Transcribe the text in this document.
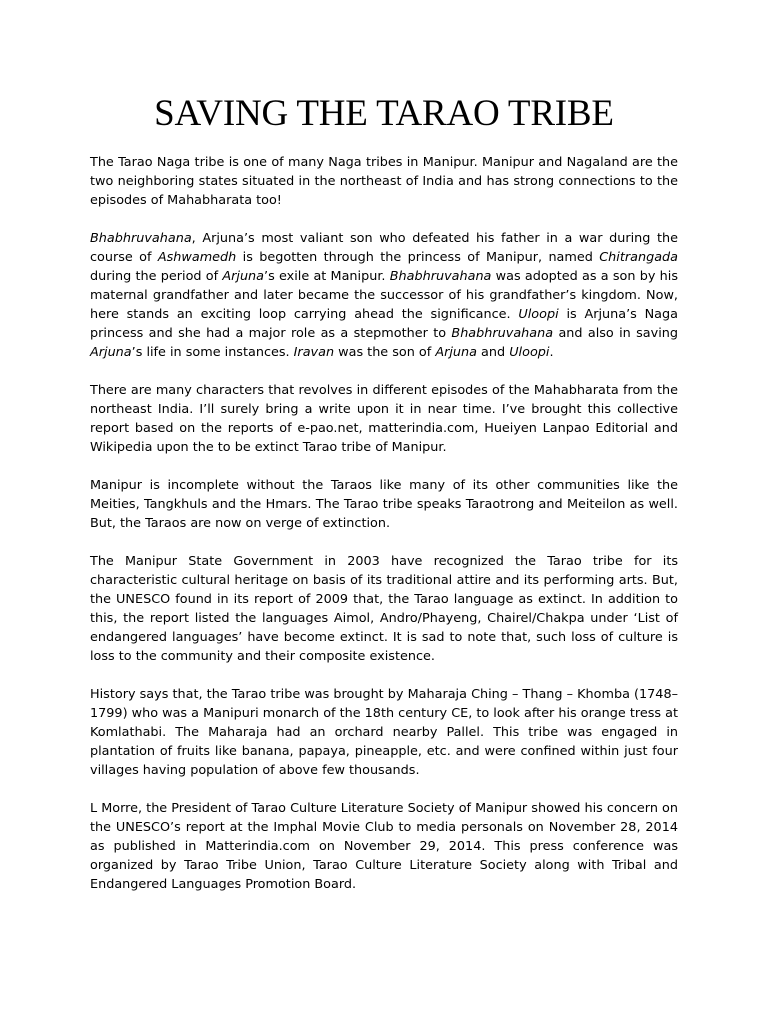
SAVING THE TARAO TRIBE

The Tarao Naga tribe is one of many Naga tribes in Manipur. Manipur and Nagaland are the two neighboring states situated in the northeast of India and has strong connections to the episodes of Mahabharata too!

Bhabhruvahana, Arjuna’s most valiant son who defeated his father in a war during the course of Ashwamedh is begotten through the princess of Manipur, named Chitrangada during the period of Arjuna’s exile at Manipur. Bhabhruvahana was adopted as a son by his maternal grandfather and later became the successor of his grandfather’s kingdom. Now, here stands an exciting loop carrying ahead the significance. Uloopi is Arjuna’s Naga princess and she had a major role as a stepmother to Bhabhruvahana and also in saving Arjuna’s life in some instances. Iravan was the son of Arjuna and Uloopi.

There are many characters that revolves in different episodes of the Mahabharata from the northeast India. I’ll surely bring a write upon it in near time. I’ve brought this collective report based on the reports of e-pao.net, matterindia.com, Hueiyen Lanpao Editorial and Wikipedia upon the to be extinct Tarao tribe of Manipur.

Manipur is incomplete without the Taraos like many of its other communities like the Meities, Tangkhuls and the Hmars. The Tarao tribe speaks Taraotrong and Meiteilon as well. But, the Taraos are now on verge of extinction.

The Manipur State Government in 2003 have recognized the Tarao tribe for its characteristic cultural heritage on basis of its traditional attire and its performing arts. But, the UNESCO found in its report of 2009 that, the Tarao language as extinct. In addition to this, the report listed the languages Aimol, Andro/Phayeng, Chairel/Chakpa under ‘List of endangered languages’ have become extinct. It is sad to note that, such loss of culture is loss to the community and their composite existence.

History says that, the Tarao tribe was brought by Maharaja Ching – Thang – Khomba (1748–1799) who was a Manipuri monarch of the 18th century CE, to look after his orange tress at Komlathabi. The Maharaja had an orchard nearby Pallel. This tribe was engaged in plantation of fruits like banana, papaya, pineapple, etc. and were confined within just four villages having population of above few thousands.

L Morre, the President of Tarao Culture Literature Society of Manipur showed his concern on the UNESCO’s report at the Imphal Movie Club to media personals on November 28, 2014 as published in Matterindia.com on November 29, 2014. This press conference was organized by Tarao Tribe Union, Tarao Culture Literature Society along with Tribal and Endangered Languages Promotion Board.
